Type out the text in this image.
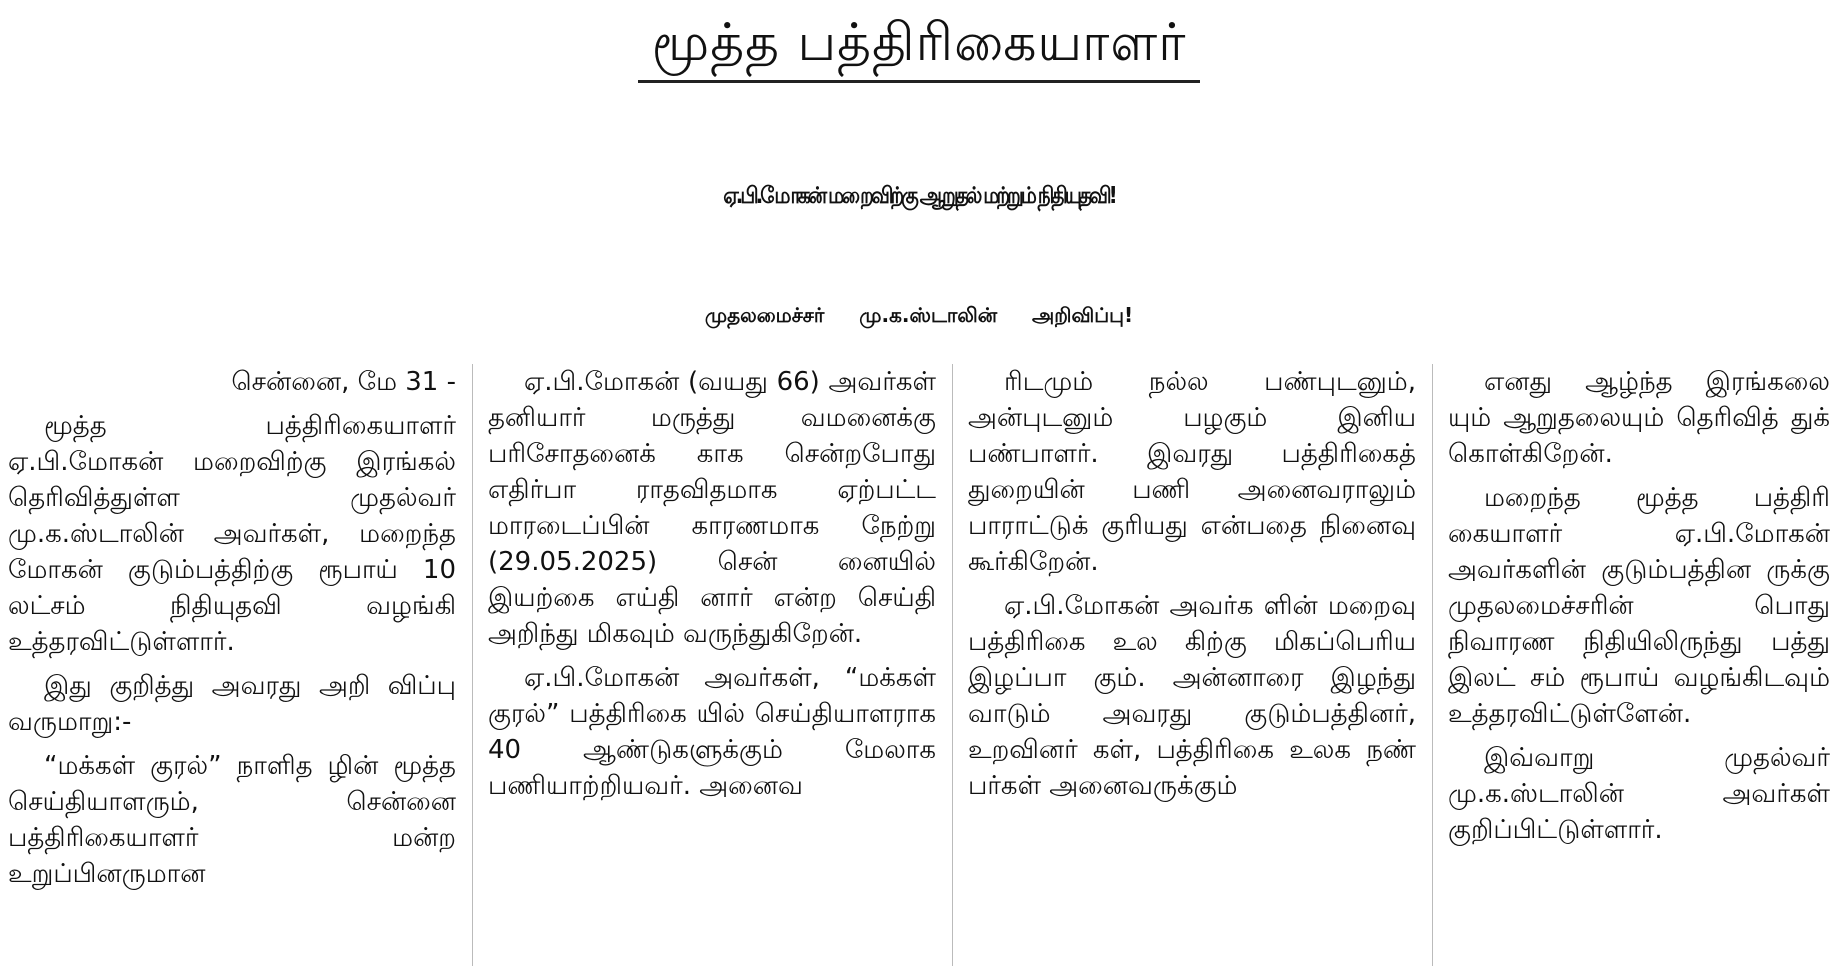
மூத்த பத்திரிகையாளர்
ஏ.பி.மோகன் மறைவிற்கு ஆறுதல் மற்றும் நிதியுதவி!
முதலமைச்சர் மு.க.ஸ்டாலின் அறிவிப்பு!

சென்னை, மே 31 -

மூத்த பத்திரிகையாளர் ஏ.பி.மோகன் மறைவிற்கு இரங்கல் தெரிவித்துள்ள முதல்வர் மு.க.ஸ்டாலின் அவர்கள், மறைந்த மோகன் குடும்பத்திற்கு ரூபாய் 10 லட்சம் நிதியுதவி வழங்கி உத்தரவிட்டுள்ளார்.

இது குறித்து அவரது அறி விப்பு வருமாறு:-

“மக்கள் குரல்” நாளித ழின் மூத்த செய்தியாளரும், சென்னை பத்திரிகையாளர் மன்ற உறுப்பினருமான

ஏ.பி.மோகன் (வயது 66) அவர்கள் தனியார் மருத்து வமனைக்கு பரிசோதனைக் காக சென்றபோது எதிர்பா ராதவிதமாக ஏற்பட்ட மாரடைப்பின் காரணமாக நேற்று (29.05.2025) சென் னையில் இயற்கை எய்தி னார் என்ற செய்தி அறிந்து மிகவும் வருந்துகிறேன்.

ஏ.பி.மோகன் அவர்கள், “மக்கள் குரல்” பத்திரிகை யில் செய்தியாளராக 40 ஆண்டுகளுக்கும் மேலாக பணியாற்றியவர். அனைவ

ரிடமும் நல்ல பண்புடனும், அன்புடனும் பழகும் இனிய பண்பாளர். இவரது பத்திரிகைத் துறையின் பணி அனைவராலும் பாராட்டுக் குரியது என்பதை நினைவு கூர்கிறேன்.

ஏ.பி.மோகன் அவர்க ளின் மறைவு பத்திரிகை உல கிற்கு மிகப்பெரிய இழப்பா கும். அன்னாரை இழந்து வாடும் அவரது குடும்பத்தினர், உறவினர் கள், பத்திரிகை உலக நண் பர்கள் அனைவருக்கும்

எனது ஆழ்ந்த இரங்கலை யும் ஆறுதலையும் தெரிவித் துக் கொள்கிறேன்.

மறைந்த மூத்த பத்திரி கையாளர் ஏ.பி.மோகன் அவர்களின் குடும்பத்தின ருக்கு முதலமைச்சரின் பொது நிவாரண நிதியிலிருந்து பத்து இலட் சம் ரூபாய் வழங்கிடவும் உத்தரவிட்டுள்ளேன்.

இவ்வாறு முதல்வர் மு.க.ஸ்டாலின் அவர்கள் குறிப்பிட்டுள்ளார்.
